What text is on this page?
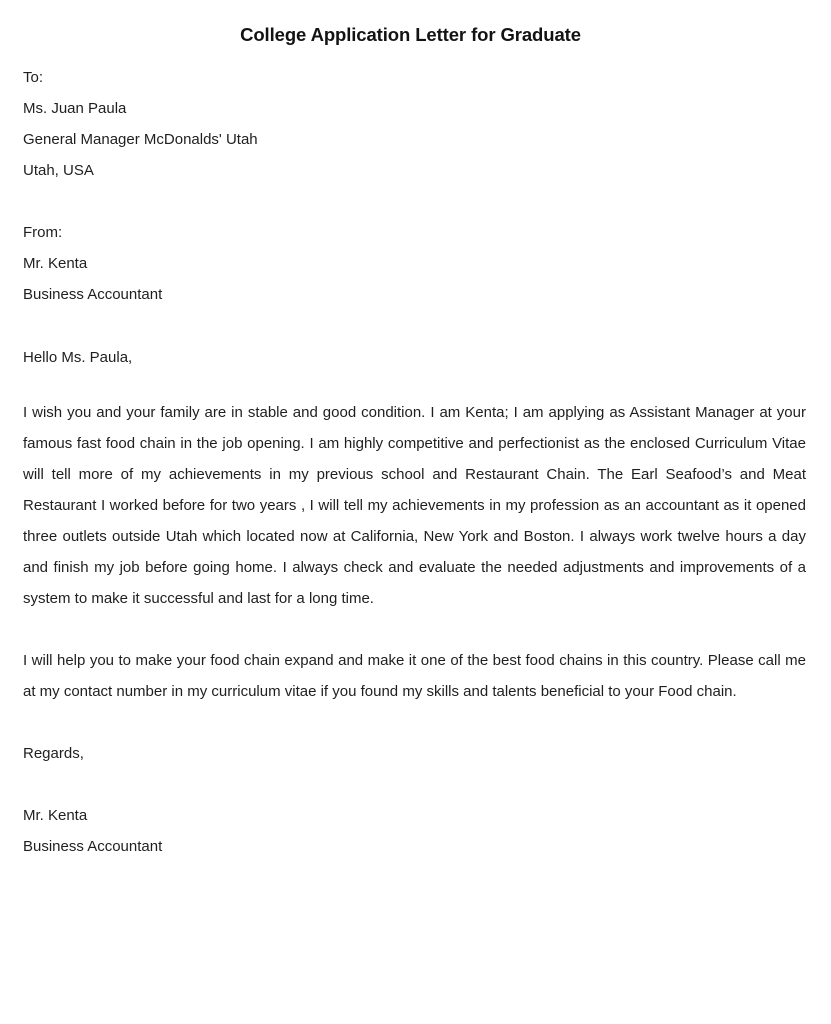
College Application Letter for Graduate
To:
Ms. Juan Paula
General Manager McDonalds' Utah
Utah, USA
From:
Mr. Kenta
Business Accountant
Hello Ms. Paula,

I wish you and your family are in stable and good condition. I am Kenta; I am applying as Assistant Manager at your famous fast food chain in the job opening. I am highly competitive and perfectionist as the enclosed Curriculum Vitae will tell more of my achievements in my previous school and Restaurant Chain. The Earl Seafood’s and Meat Restaurant I worked before for two years , I will tell my achievements in my profession as an accountant as it opened three outlets outside Utah which located now at California, New York and Boston. I always work twelve hours a day and finish my job before going home. I always check and evaluate the needed adjustments and improvements of a system to make it successful and last for a long time.

I will help you to make your food chain expand and make it one of the best food chains in this country. Please call me at my contact number in my curriculum vitae if you found my skills and talents beneficial to your Food chain.

Regards,
Mr. Kenta
Business Accountant
